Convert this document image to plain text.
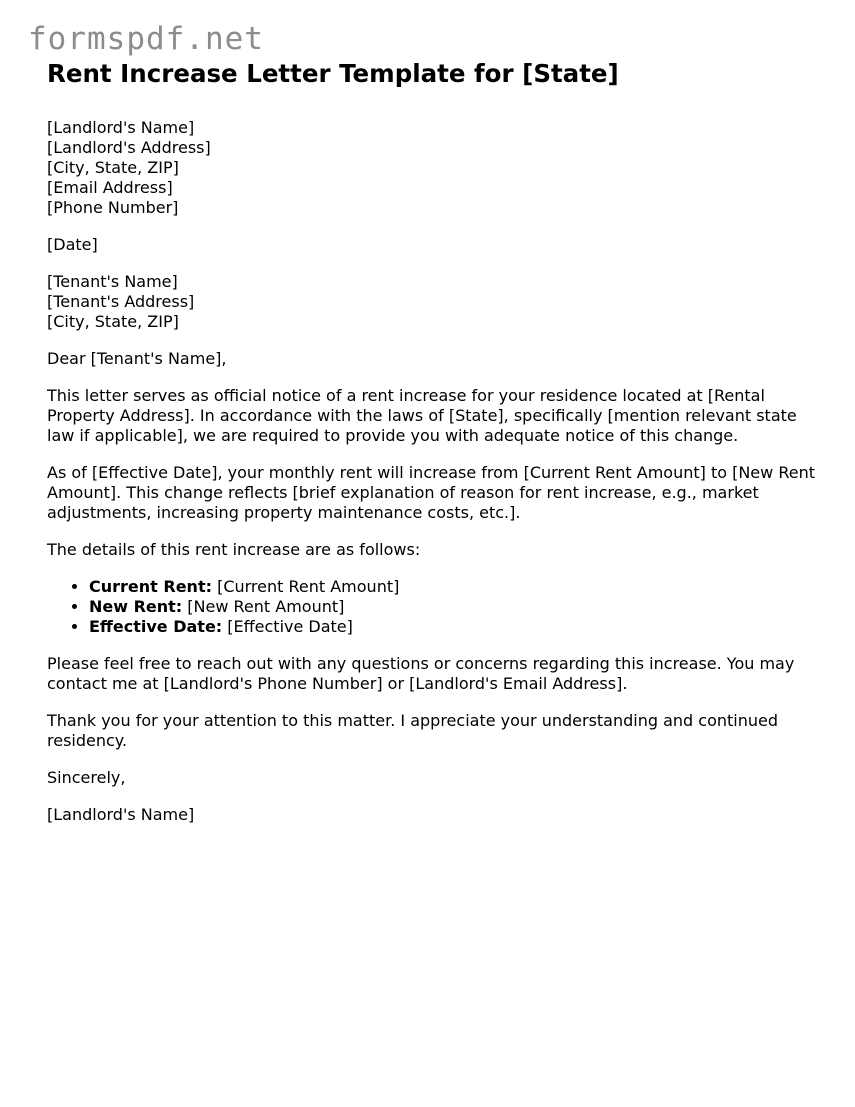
formspdf.net
Rent Increase Letter Template for [State]
[Landlord's Name]
[Landlord's Address]
[City, State, ZIP]
[Email Address]
[Phone Number]

[Date]

[Tenant's Name]
[Tenant's Address]
[City, State, ZIP]

Dear [Tenant's Name],

This letter serves as official notice of a rent increase for your residence located at [Rental Property Address]. In accordance with the laws of [State], specifically [mention relevant state law if applicable], we are required to provide you with adequate notice of this change.

As of [Effective Date], your monthly rent will increase from [Current Rent Amount] to [New Rent Amount]. This change reflects [brief explanation of reason for rent increase, e.g., market adjustments, increasing property maintenance costs, etc.].

The details of this rent increase are as follows:

• Current Rent: [Current Rent Amount]
• New Rent: [New Rent Amount]
• Effective Date: [Effective Date]

Please feel free to reach out with any questions or concerns regarding this increase. You may contact me at [Landlord's Phone Number] or [Landlord's Email Address].

Thank you for your attention to this matter. I appreciate your understanding and continued residency.

Sincerely,

[Landlord's Name]
